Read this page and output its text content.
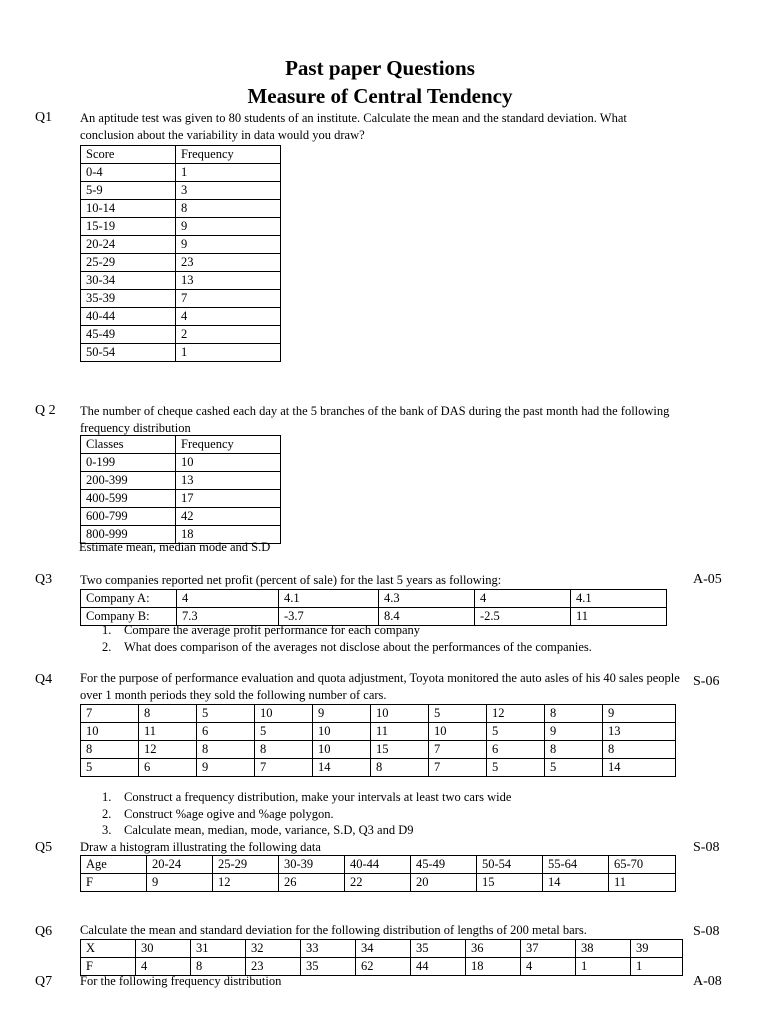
Past paper Questions
Measure of Central Tendency
Q1 An aptitude test was given to 80 students of an institute. Calculate the mean and the standard deviation. What conclusion about the variability in data would you draw?
Score	Frequency
0-4	1
5-9	3
10-14	8
15-19	9
20-24	9
25-29	23
30-34	13
35-39	7
40-44	4
45-49	2
50-54	1
Q 2 The number of cheque cashed each day at the 5 branches of the bank of DAS during the past month had the following frequency distribution
Classes	Frequency
0-199	10
200-399	13
400-599	17
600-799	42
800-999	18
Estimate mean, median mode and S.D
Q3 Two companies reported net profit (percent of sale) for the last 5 years as following:	A-05
Company A:	4	4.1	4.3	4	4.1
Company B:	7.3	-3.7	8.4	-2.5	11
1. Compare the average profit performance for each company
2. What does comparison of the averages not disclose about the performances of the companies.
Q4 For the purpose of performance evaluation and quota adjustment, Toyota monitored the auto asles of his 40 sales people over 1 month periods they sold the following number of cars.
S-06
7	8	5	10	9	10	5	12	8	9
10	11	6	5	10	11	10	5	9	13
8	12	8	8	10	15	7	6	8	8
5	6	9	7	14	8	7	5	5	14
1. Construct a frequency distribution, make your intervals at least two cars wide
2. Construct %age ogive and %age polygon.
3. Calculate mean, median, mode, variance, S.D, Q3 and D9
Q5 Draw a histogram illustrating the following data	S-08
Age	20-24	25-29	30-39	40-44	45-49	50-54	55-64	65-70
F	9	12	26	22	20	15	14	11
Q6 Calculate the mean and standard deviation for the following distribution of lengths of 200 metal bars.	S-08
X	30	31	32	33	34	35	36	37	38	39
F	4	8	23	35	62	44	18	4	1	1
Q7 For the following frequency distribution	A-08
